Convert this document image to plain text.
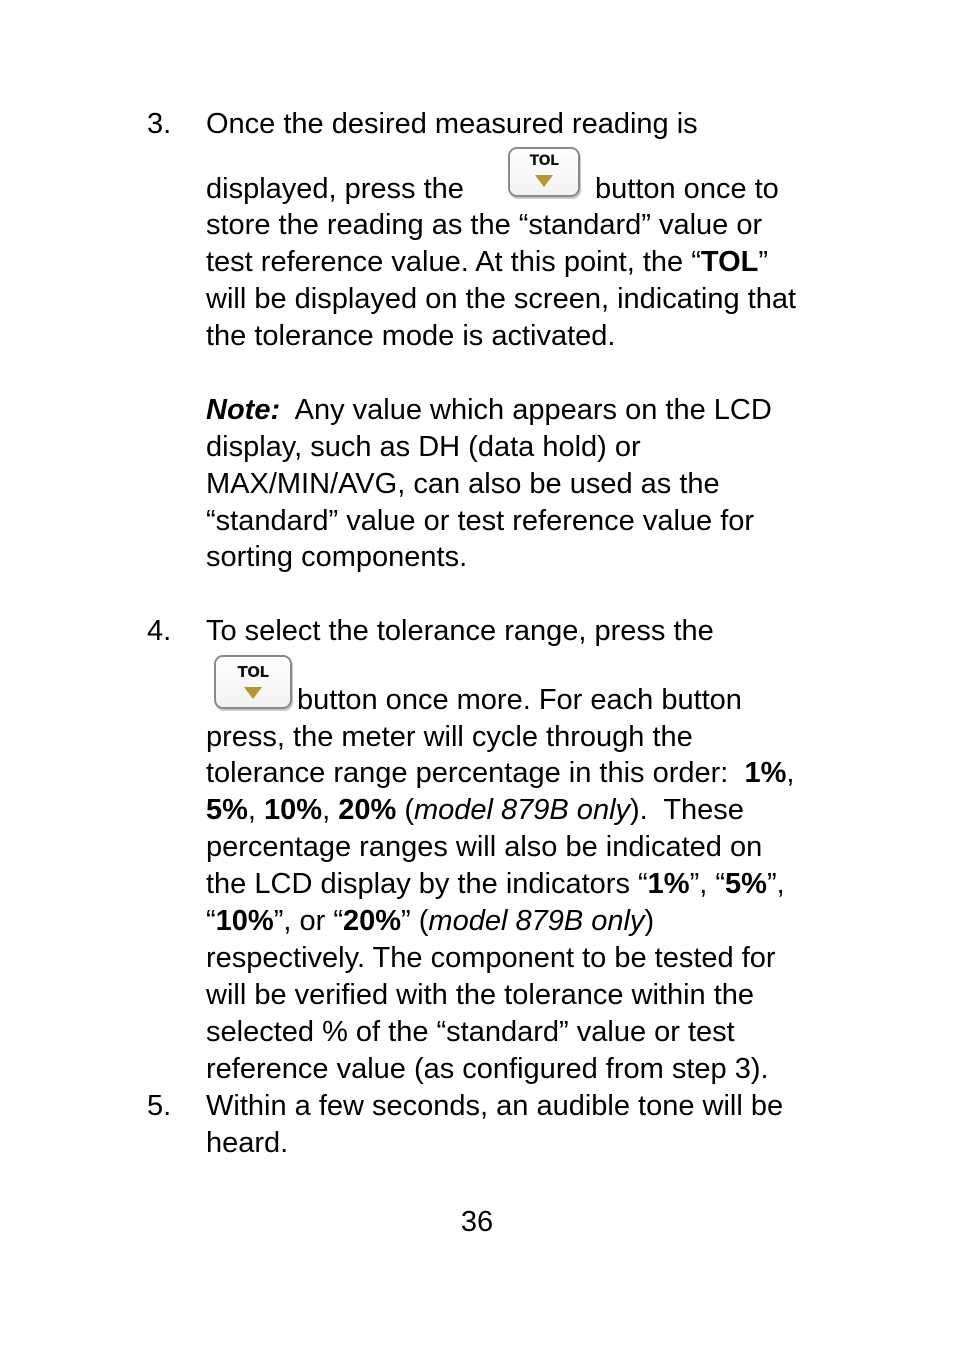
3. Once the desired measured reading is
displayed, press the
TOL
button once to
store the reading as the “standard” value or
test reference value. At this point, the “TOL”
will be displayed on the screen, indicating that
the tolerance mode is activated.
Note:  Any value which appears on the LCD
display, such as DH (data hold) or
MAX/MIN/AVG, can also be used as the
“standard” value or test reference value for
sorting components.
4. To select the tolerance range, press the
TOL
button once more. For each button
press, the meter will cycle through the
tolerance range percentage in this order:  1%,
5%, 10%, 20% (model 879B only).  These
percentage ranges will also be indicated on
the LCD display by the indicators “1%”, “5%”,
“10%”, or “20%” (model 879B only)
respectively. The component to be tested for
will be verified with the tolerance within the
selected % of the “standard” value or test
reference value (as configured from step 3).
5. Within a few seconds, an audible tone will be
heard.
36
